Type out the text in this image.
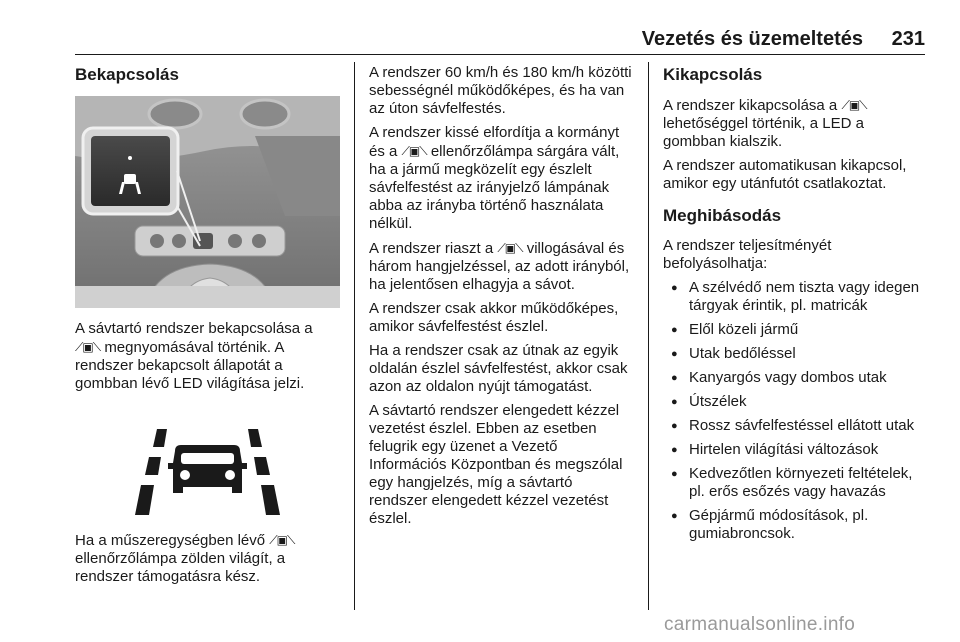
Vezetés és üzemeltetés 231
Bekapcsolás

A sávtartó rendszer bekapcsolása a ⟋▣⟍ megnyomásával történik. A rendszer bekapcsolt állapotát a gombban lévő LED világítása jelzi.

Ha a műszeregységben lévő ⟋▣⟍ ellenőrzőlámpa zölden világít, a rendszer támogatásra kész.

A rendszer 60 km/h és 180 km/h közötti sebességnél működőképes, és ha van az úton sávfelfestés.

A rendszer kissé elfordítja a kormányt és a ⟋▣⟍ ellenőrzőlámpa sárgára vált, ha a jármű megközelít egy észlelt sávfelfestést az irányjelző lámpának abba az irányba történő használata nélkül.

A rendszer riaszt a ⟋▣⟍ villogásával és három hangjelzéssel, az adott irányból, ha jelentősen elhagyja a sávot.

A rendszer csak akkor működőképes, amikor sávfelfestést észlel.

Ha a rendszer csak az útnak az egyik oldalán észlel sávfelfestést, akkor csak azon az oldalon nyújt támogatást.

A sávtartó rendszer elengedett kézzel vezetést észlel. Ebben az esetben felugrik egy üzenet a Vezető Információs Központban és megszólal egy hangjelzés, míg a sávtartó rendszer elengedett kézzel vezetést észlel.

Kikapcsolás

A rendszer kikapcsolása a ⟋▣⟍ lehetőséggel történik, a LED a gombban kialszik.

A rendszer automatikusan kikapcsol, amikor egy utánfutót csatlakoztat.

Meghibásodás

A rendszer teljesítményét befolyásolhatja:

● A szélvédő nem tiszta vagy idegen tárgyak érintik, pl. matricák
● Elől közeli jármű
● Utak bedőléssel
● Kanyargós vagy dombos utak
● Útszélek
● Rossz sávfelfestéssel ellátott utak
● Hirtelen világítási változások
● Kedvezőtlen környezeti feltételek, pl. erős esőzés vagy havazás
● Gépjármű módosítások, pl. gumiabroncsok.
carmanualsonline.info
